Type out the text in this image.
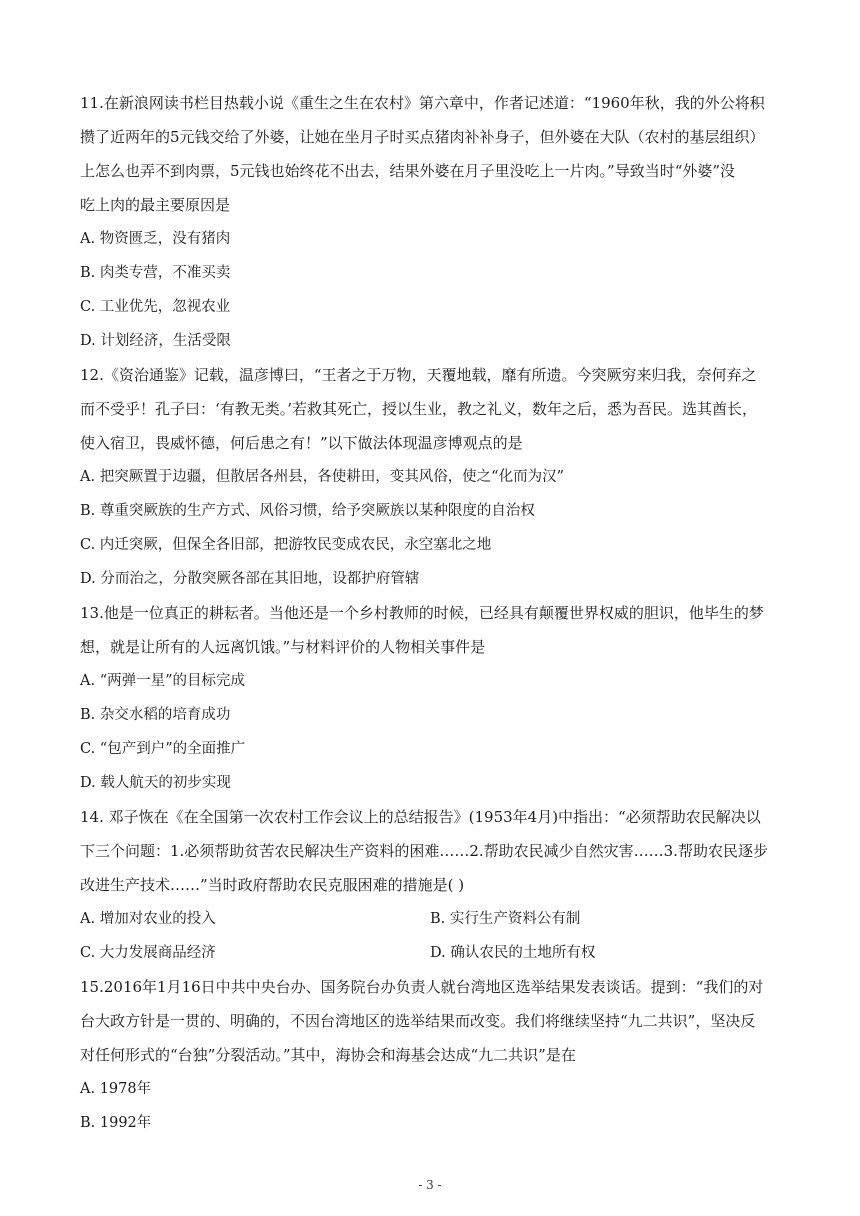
11.在新浪网读书栏目热载小说《重生之生在农村》第六章中，作者记述道：“1960年秋，我的外公将积
攒了近两年的5元钱交给了外婆，让她在坐月子时买点猪肉补补身子，但外婆在大队（农村的基层组织）
上怎么也弄不到肉票，5元钱也始终花不出去，结果外婆在月子里没吃上一片肉。”导致当时“外婆”没
吃上肉的最主要原因是
A. 物资匮乏，没有猪肉
B. 肉类专营，不准买卖
C. 工业优先，忽视农业
D. 计划经济，生活受限
12.《资治通鉴》记载，温彦博曰，“王者之于万物，天覆地载，靡有所遗。今突厥穷来归我，奈何弃之
而不受乎！孔子曰：‘有教无类。’若救其死亡，授以生业，教之礼义，数年之后，悉为吾民。选其酋长，
使入宿卫，畏威怀德，何后患之有！”以下做法体现温彦博观点的是
A. 把突厥置于边疆，但散居各州县，各使耕田，变其风俗，使之“化而为汉”
B. 尊重突厥族的生产方式、风俗习惯，给予突厥族以某种限度的自治权
C. 内迁突厥，但保全各旧部，把游牧民变成农民，永空塞北之地
D. 分而治之，分散突厥各部在其旧地，设都护府管辖
13.他是一位真正的耕耘者。当他还是一个乡村教师的时候，已经具有颠覆世界权威的胆识，他毕生的梦
想，就是让所有的人远离饥饿。”与材料评价的人物相关事件是
A. “两弹一星”的目标完成
B. 杂交水稻的培育成功
C. “包产到户”的全面推广
D. 载人航天的初步实现
14. 邓子恢在《在全国第一次农村工作会议上的总结报告》(1953年4月)中指出：“必须帮助农民解决以
下三个问题：1.必须帮助贫苦农民解决生产资料的困难……2.帮助农民减少自然灾害……3.帮助农民逐步
改进生产技术……”当时政府帮助农民克服困难的措施是( )
A. 增加对农业的投入	B. 实行生产资料公有制
C. 大力发展商品经济	D. 确认农民的土地所有权
15.2016年1月16日中共中央台办、国务院台办负责人就台湾地区选举结果发表谈话。提到：“我们的对
台大政方针是一贯的、明确的，不因台湾地区的选举结果而改变。我们将继续坚持“九二共识”，坚决反
对任何形式的“台独”分裂活动。”其中，海协会和海基会达成“九二共识”是在
A. 1978年
B. 1992年
- 3 -
